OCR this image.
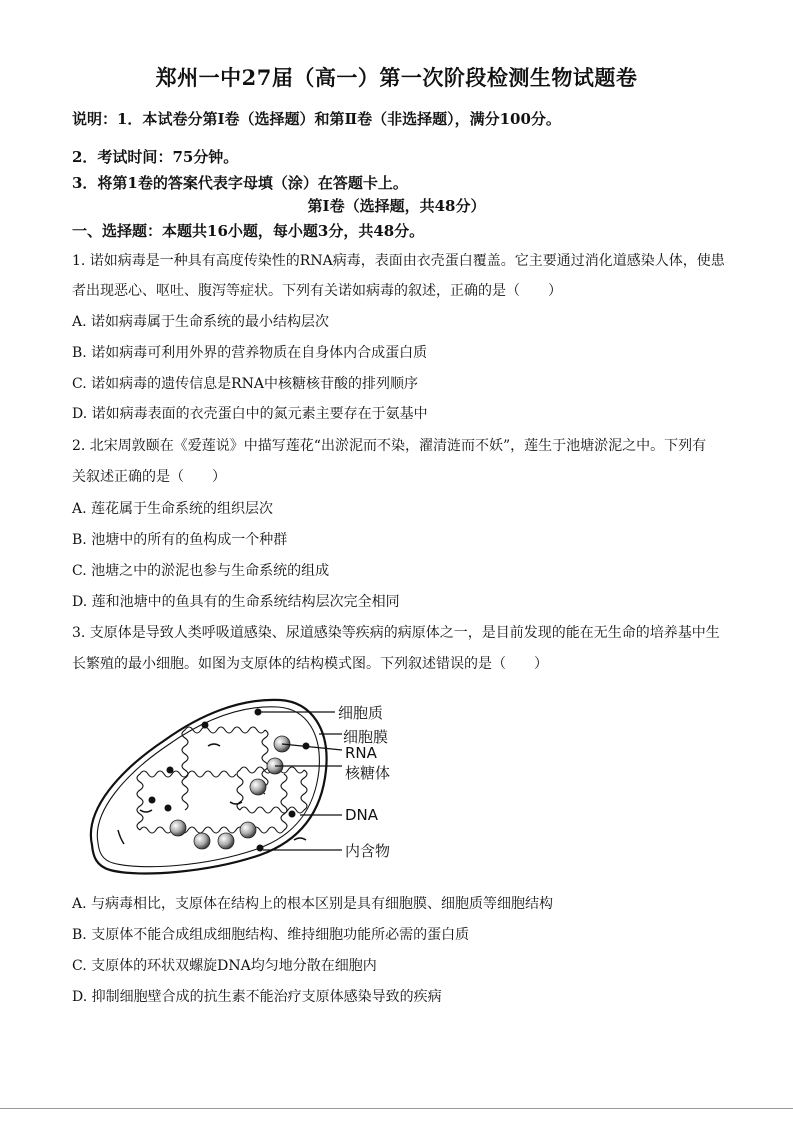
郑州一中27届（高一）第一次阶段检测生物试题卷
说明：1．本试卷分第Ⅰ卷（选择题）和第Ⅱ卷（非选择题），满分100分。
2．考试时间：75分钟。
3．将第1卷的答案代表字母填（涂）在答题卡上。
第Ⅰ卷（选择题，共48分）
一、选择题：本题共16小题，每小题3分，共48分。
1. 诺如病毒是一种具有高度传染性的RNA病毒，表面由衣壳蛋白覆盖。它主要通过消化道感染人体，使患
者出现恶心、呕吐、腹泻等症状。下列有关诺如病毒的叙述，正确的是（　　）
A. 诺如病毒属于生命系统的最小结构层次
B. 诺如病毒可利用外界的营养物质在自身体内合成蛋白质
C. 诺如病毒的遗传信息是RNA中核糖核苷酸的排列顺序
D. 诺如病毒表面的衣壳蛋白中的氮元素主要存在于氨基中
2. 北宋周敦颐在《爱莲说》中描写莲花“出淤泥而不染，濯清涟而不妖”，莲生于池塘淤泥之中。下列有
关叙述正确的是（　　）
A. 莲花属于生命系统的组织层次
B. 池塘中的所有的鱼构成一个种群
C. 池塘之中的淤泥也参与生命系统的组成
D. 莲和池塘中的鱼具有的生命系统结构层次完全相同
3. 支原体是导致人类呼吸道感染、尿道感染等疾病的病原体之一，是目前发现的能在无生命的培养基中生
长繁殖的最小细胞。如图为支原体的结构模式图。下列叙述错误的是（　　）
细胞质
细胞膜
RNA
核糖体
DNA
内含物
A. 与病毒相比，支原体在结构上的根本区别是具有细胞膜、细胞质等细胞结构
B. 支原体不能合成组成细胞结构、维持细胞功能所必需的蛋白质
C. 支原体的环状双螺旋DNA均匀地分散在细胞内
D. 抑制细胞壁合成的抗生素不能治疗支原体感染导致的疾病
